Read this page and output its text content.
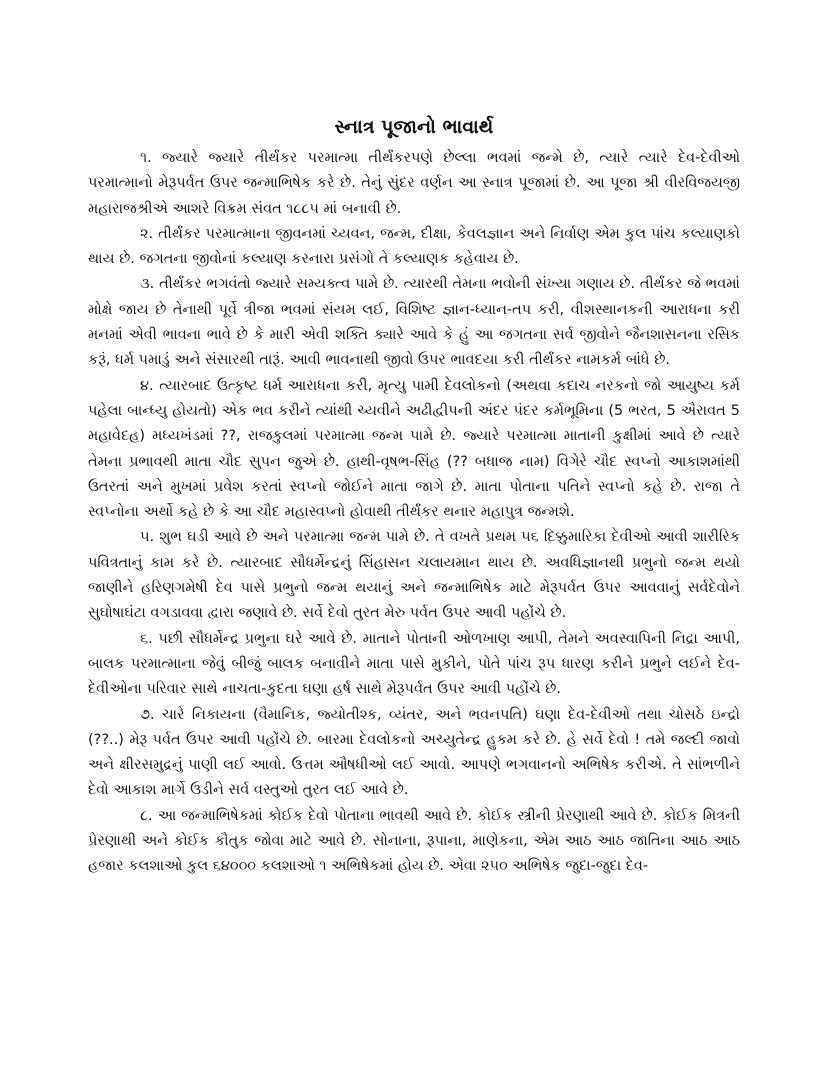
સ્નાત્ર પૂજાનો ભાવાર્થ

૧. જ્યારે જ્યારે તીર્થંકર પરમાત્મા તીર્થંકરપણે છેલ્લા ભવમાં જન્મે છે, ત્યારે ત્યારે દેવ-દેવીઓ પરમાત્માનો મેરૂપર્વત ઉપર જન્માભિષેક કરે છે. તેનું સુંદર વર્ણન આ સ્નાત્ર પૂજામાં છે. આ પૂજા શ્રી વીરવિજયજી મહારાજશ્રીએ આશરે વિક્રમ સંવત ૧૮૮૫ માં બનાવી છે.

૨. તીર્થંકર પરમાત્માના જીવનમાં ચ્યવન, જન્મ, દીક્ષા, કેવલજ્ઞાન અને નિર્વાણ એમ કુલ પાંચ કલ્યાણકો થાય છે. જગતના જીવોનાં કલ્યાણ કરનારા પ્રસંગો તે કલ્યાણક કહેવાય છે.

૩. તીર્થંકર ભગવંતો જ્યારે સમ્યક્ત્વ પામે છે. ત્યારથી તેમના ભવોની સંખ્યા ગણાય છે. તીર્થંકર જે ભવમાં મોક્ષે જાય છે તેનાથી પૂર્વે ત્રીજા ભવમાં સંયમ લઈ, વિશિષ્ટ જ્ઞાન-ધ્યાન-તપ કરી, વીશસ્થાનકની આરાધના કરી મનમાં એવી ભાવના ભાવે છે કે મારી એવી શક્તિ ક્યારે આવે કે હું આ જગતના સર્વ જીવોને જૈનશાસનના રસિક કરૂં, ધર્મ પમાડું અને સંસારથી તારૂં. આવી ભાવનાથી જીવો ઉપર ભાવદયા કરી તીર્થંકર નામકર્મ બાંધે છે.

૪. ત્યારબાદ ઉત્કૃષ્ટ ધર્મ આરાધના કરી, મૃત્યુ પામી દેવલોકનો (અથવા કદાચ નરકનો જો આયુષ્ય કર્મ પહેલા બાન્ધ્યુ હોયતો) એક ભવ કરીને ત્યાંથી ચ્યવીને અઢીદ્વીપની અંદર પંદર કર્મભૂમિના (5 ભરત, 5 ઐરાવત 5 મહાવેદહ) મધ્યખંડમાં ??, રાજકુલમાં પરમાત્મા જન્મ પામે છે. જ્યારે પરમાત્મા માતાની કુક્ષીમાં આવે છે ત્યારે તેમના પ્રભાવથી માતા ચૌદ સુપન જુએ છે. હાથી-વૃષભ-સિંહ (?? બધાજ નામ) વિગેરે ચૌદ સ્વપ્નો આકાશમાંથી ઉતરતાં અને મુખમાં પ્રવેશ કરતાં સ્વપ્નો જોઈને માતા જાગે છે. માતા પોતાના પતિને સ્વપ્નો કહે છે. રાજા તે સ્વપ્નોના અર્થો કહે છે કે આ ચૌદ મહાસ્વપ્નો હોવાથી તીર્થંકર થનાર મહાપુત્ર જન્મશે.

૫. શુભ ઘડી આવે છે અને પરમાત્મા જન્મ પામે છે. તે વખતે પ્રથમ ૫૬ દિક્કુમારિકા દેવીઓ આવી શારીરિક પવિત્રતાનું કામ કરે છે. ત્યારબાદ સૌધર્મેન્દ્રનું સિંહાસન ચલાયમાન થાય છે. અવધિજ્ઞાનથી પ્રભુનો જન્મ થયો જાણીને હરિણગમેષી દેવ પાસે પ્રભુનો જન્મ થયાનું અને જન્માભિષેક માટે મેરૂપર્વત ઉપર આવવાનું સર્વદેવોને સુઘોષાઘંટા વગડાવવા દ્વારા જણાવે છે. સર્વે દેવો તુરત મેરુ પર્વત ઉપર આવી પહોંચે છે.

૬. પછી સૌધર્મેન્દ્ર પ્રભુના ઘરે આવે છે. માતાને પોતાની ઓળખાણ આપી, તેમને અવસ્વાપિની નિદ્રા આપી, બાલક પરમાત્માના જેવું બીજું બાલક બનાવીને માતા પાસે મુકીને, પોતે પાંચ રૂપ ધારણ કરીને પ્રભુને લઈને દેવ-દેવીઓના પરિવાર સાથે નાચતા-કુદતા ઘણા હર્ષ સાથે મેરૂપર્વત ઉપર આવી પહોંચે છે.

૭. ચારે નિકાયના (વૈમાનિક, જ્યોતીશ્ક, વ્યંતર, અને ભવનપતિ) ઘણા દેવ-દેવીઓ તથા ચોસઠે ઇન્દ્રો (??..) મેરૂ પર્વત ઉપર આવી પહોંચે છે. બારમા દેવલોકનો અચ્યુતેન્દ્ર હુકમ કરે છે. હે સર્વે દેવો ! તમે જલ્દી જાવો અને ક્ષીરસમુદ્રનું પાણી લઈ આવો. ઉત્તમ ઔષધીઓ લઈ આવો. આપણે ભગવાનનો અભિષેક કરીએ. તે સાંભળીને દેવો આકાશ માર્ગે ઉડીને સર્વ વસ્તુઓ તુરત લઈ આવે છે.

૮. આ જન્માભિષેકમાં કોઈક દેવો પોતાના ભાવથી આવે છે. કોઈક સ્ત્રીની પ્રેરણાથી આવે છે. કોઈક મિત્રની પ્રેરણાથી અને કોઈક કૌતુક જોવા માટે આવે છે. સોનાના, રૂપાના, માણેકના, એમ આઠ આઠ જાતિના આઠ આઠ હજાર કલશાઓ કુલ ૬૪૦૦૦ કલશાઓ ૧ અભિષેકમાં હોય છે. એવા ૨૫૦ અભિષેક જુદા-જુદા દેવ-
